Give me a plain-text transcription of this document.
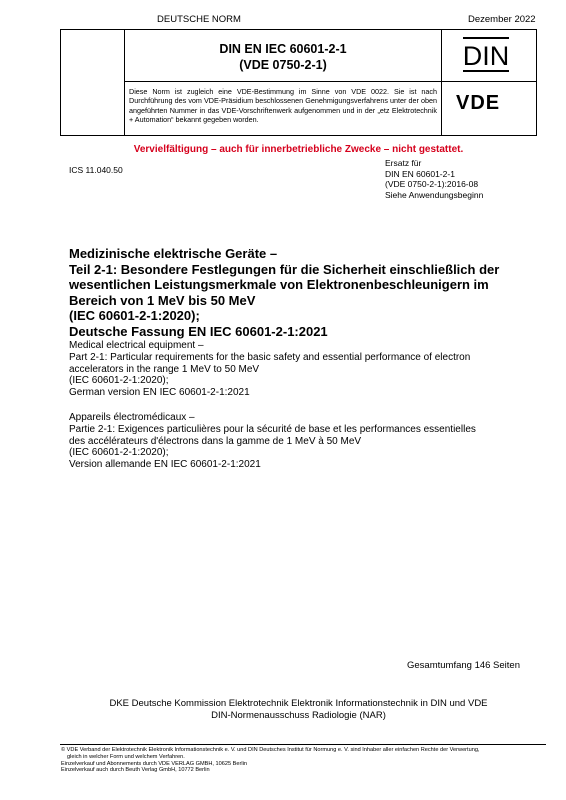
DEUTSCHE NORM	Dezember 2022
DIN EN IEC 60601-2-1
(VDE 0750-2-1)
Diese Norm ist zugleich eine VDE-Bestimmung im Sinne von VDE 0022. Sie ist nach Durchführung des vom VDE-Präsidium beschlossenen Genehmigungsverfahrens unter der oben angeführten Nummer in das VDE-Vorschriftenwerk aufgenommen und in der „etz Elektrotechnik + Automation“ bekannt gegeben worden.
DIN
VDE
Vervielfältigung – auch für innerbetriebliche Zwecke – nicht gestattet.
ICS 11.040.50
Ersatz für
DIN EN 60601-2-1
(VDE 0750-2-1):2016-08
Siehe Anwendungsbeginn
Medizinische elektrische Geräte –
Teil 2-1: Besondere Festlegungen für die Sicherheit einschließlich der
wesentlichen Leistungsmerkmale von Elektronenbeschleunigern im
Bereich von 1 MeV bis 50 MeV
(IEC 60601-2-1:2020);
Deutsche Fassung EN IEC 60601-2-1:2021
Medical electrical equipment –
Part 2-1: Particular requirements for the basic safety and essential performance of electron
accelerators in the range 1 MeV to 50 MeV
(IEC 60601-2-1:2020);
German version EN IEC 60601-2-1:2021
Appareils électromédicaux –
Partie 2-1: Exigences particulières pour la sécurité de base et les performances essentielles
des accélérateurs d'électrons dans la gamme de 1 MeV à 50 MeV
(IEC 60601-2-1:2020);
Version allemande EN IEC 60601-2-1:2021
Gesamtumfang 146 Seiten
DKE Deutsche Kommission Elektrotechnik Elektronik Informationstechnik in DIN und VDE
DIN-Normenausschuss Radiologie (NAR)
© VDE Verband der Elektrotechnik Elektronik Informationstechnik e. V. und DIN Deutsches Institut für Normung e. V. sind Inhaber aller einfachen Rechte der Verwertung,
gleich in welcher Form und welchem Verfahren.
Einzelverkauf und Abonnements durch VDE VERLAG GMBH, 10625 Berlin
Einzelverkauf auch durch Beuth Verlag GmbH, 10772 Berlin
